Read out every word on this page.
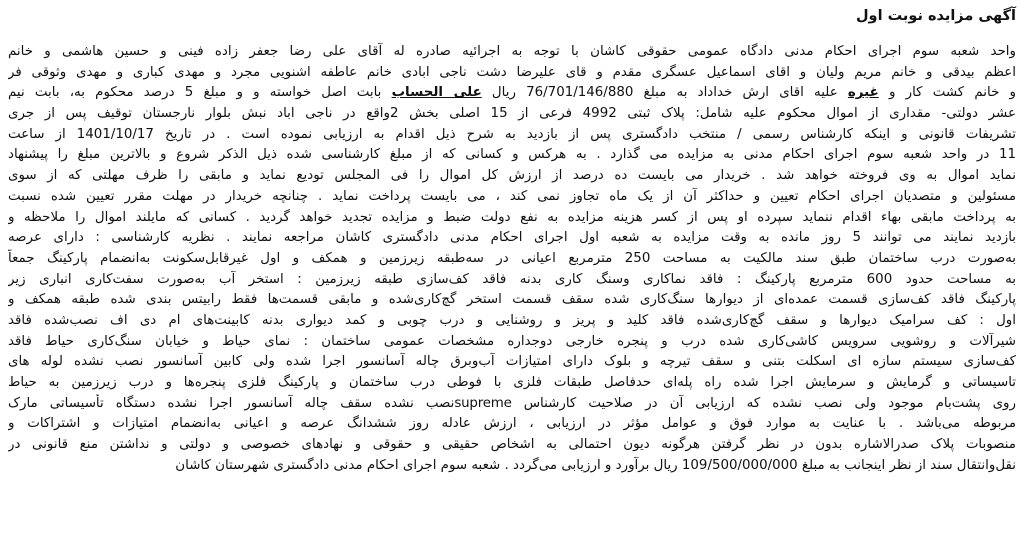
آگهی مزایده نوبت اول
واحد شعبه سوم اجرای احکام مدنی دادگاه عمومی حقوقی کاشان با توجه به اجرائیه صادره له آقای علی رضا جعفر زاده فینی و حسین هاشمی و خانم
اعظم بیدقی و خانم مریم ولیان و اقای اسماعیل عسگری مقدم و قای علیرضا دشت ناجی ابادی خانم عاطفه اشنویی مجرد و مهدی کباری و مهدی وثوقی فر
و خانم کشت کار و غیره علیه اقای ارش خداداد به مبلغ 76/701/146/880 ریال علی الحساب بابت اصل خواسته و و مبلغ 5 درصد محکوم به، بابت نیم
عشر دولتی- مقداری از اموال محکوم علیه شامل: پلاک ثبتی 4992 فرعی از 15 اصلی بخش 2واقع در ناجی اباد نبش بلوار نارجستان توقیف پس از جری
تشریفات قانونی و اینکه کارشناس رسمی / منتخب دادگستری پس از بازدید به شرح ذیل اقدام به ارزیابی نموده است . در تاریخ 1401/10/17 از ساعت
11 در واحد شعبه سوم اجرای احکام مدنی به مزایده می گذارد . به هرکس و کسانی که از مبلغ کارشناسی شده ذیل الذکر شروع و بالاترین مبلغ را پیشنهاد
نماید اموال به وی فروخته خواهد شد . خریدار می بایست ده درصد از ارزش کل اموال را فی المجلس تودیع نماید و مابقی را ظرف مهلتی که از سوی
مسئولین و متصدیان اجرای احکام تعیین و حداکثر آن از یک ماه تجاوز نمی کند ، می بایست پرداخت نماید . چنانچه خریدار در مهلت مقرر تعیین شده نسبت
به پرداخت مابقی بهاء اقدام ننماید سپرده او پس از کسر هزینه مزایده به نفع دولت ضبط و مزایده تجدید خواهد گردید . کسانی که مایلند اموال را ملاحظه و
بازدید نمایند می توانند 5 روز مانده به وقت مزایده به شعبه اول اجرای احکام مدنی دادگستری کاشان مراجعه نمایند . نظریه کارشناسی : دارای عرصه
به‌صورت درب ساختمان طبق سند مالکیت به مساحت 250 مترمربع اعیانی در سه‌طبقه زیرزمین و همکف و اول غیرقابل‌سکونت به‌انضمام پارکینگ جمعاً
به مساحت حدود 600 مترمربع پارکینگ : فاقد نماکاری و‌سنگ کاری بدنه فاقد کف‌سازی طبقه زیرزمین : استخر آب به‌صورت سفت‌کاری انباری زیر
پارکینگ فاقد کف‌سازی قسمت عمده‌ای از دیوارها سنگ‌کاری شده سقف قسمت استخر گچ‌کاری‌شده و مابقی قسمت‌ها فقط رابیتس بندی شده طبقه همکف و
اول : کف سرامیک دیوارها و سقف گچ‌کاری‌شده فاقد کلید و پریز و روشنایی و درب چوبی و کمد دیواری بدنه کابینت‌های ام دی اف نصب‌شده فاقد
شیرآلات و روشویی سرویس کاشی‌کاری شده درب و پنجره خارجی دوجداره مشخصات عمومی ساختمان : نمای حیاط و خیابان سنگ‌کاری حیاط فاقد
کف‌سازی سیستم سازه ای اسکلت بتنی و سقف تیرچه و بلوک دارای امتیازات آب‌وبرق چاله آسانسور اجرا شده ولی کابین آسانسور نصب نشده لوله های
تاسیساتی و گرمایش و سرمایش اجرا شده راه پله‌ای حدفاصل طبقات فلزی با فوطی درب ساختمان و پارکینگ فلزی پنجره‌ها و درب زیرزمین به حیاط
روی پشت‌بام موجود ولی نصب نشده که ارزیابی آن در صلاحیت کارشناس supremeنصب نشده سقف چاله آسانسور اجرا نشده دستگاه تأسیساتی مارک
مربوطه می‌باشد . با عنایت به موارد فوق و عوامل مؤثر در ارزیابی ، ارزش عادله روز ششدانگ عرصه و اعیانی به‌انضمام امتیازات و اشتراکات و
منصوبات پلاک صدرالاشاره بدون در نظر گرفتن هرگونه دیون احتمالی به اشخاص حقیقی و حقوقی و نهادهای خصوصی و دولتی و نداشتن منع قانونی در
نقل‌وانتقال سند از نظر اینجانب به مبلغ 109/500/000/000 ریال برآورد و ارزیابی می‌گردد . شعبه سوم اجرای احکام مدنی دادگستری شهرستان کاشان
